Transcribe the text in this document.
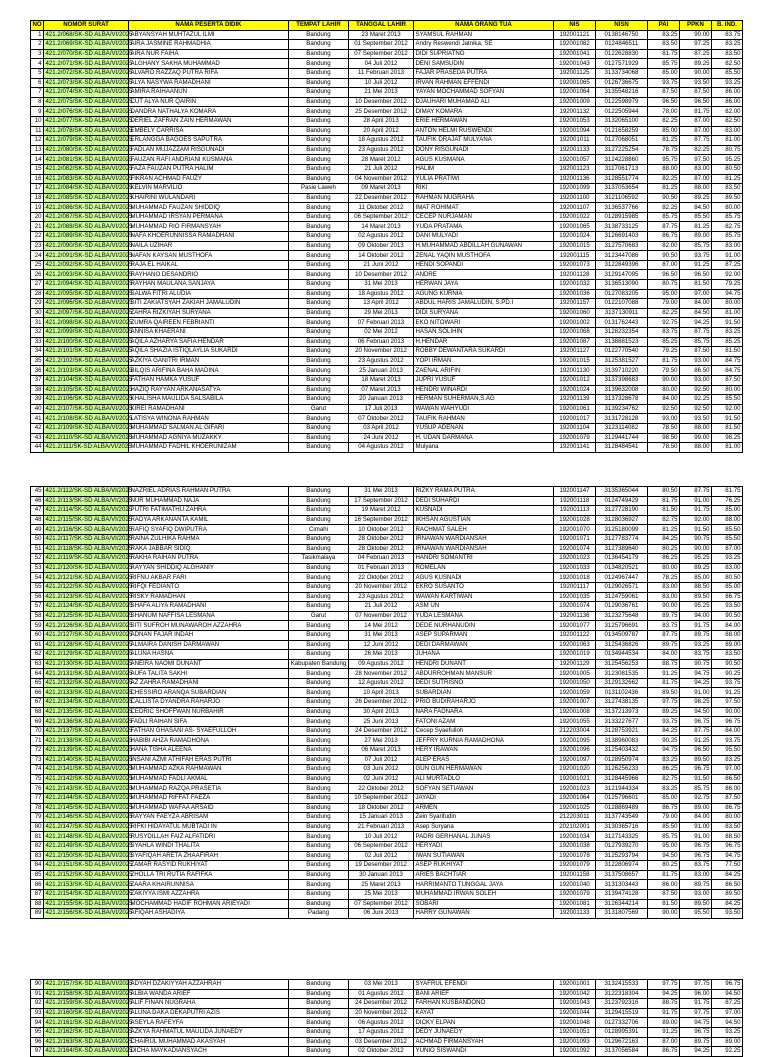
NO	NOMOR SURAT	NAMA PESERTA DIDIK	TEMPAT LAHIR	TANGGAL LAHIR	NAMA ORANG TUA	NIS	NISN	PAI	PPKN	B. IND.
1	421.2/068/SK-SD ALBA/VI/2025	ABYANSYAH MUHTAZUL ILMI	Bandung	23 Maret 2013	SYAMSUL RAHMAN	192001121	0138146750	83.25	90.00	83.75
2	421.2/069/SK-SD ALBA/VI/2025	AIRA JASMINE RAHMADHIA	Bandung	01 September 2012	Andry Reswendi Jatnika, SE	192001082	0124846511	83.50	97.25	83.25
3	421.2/070/SK-SD ALBA/VI/2025	AIRA NUR FAIHA	Bandung	07 September 2012	DIDI SUPRIATNO	192001041	0122628830	81.75	87.25	83.50
4	421.2/071/SK-SD ALBA/VI/2025	ALGHANY SAKHA MUHAMMAD	Bandung	04 Juli 2012	DENI SAMSUDIN	192001043	0127571929	85.75	89.25	82.50
5	421.2/072/SK-SD ALBA/VI/2025	ALVARO RAZZAQ PUTRA RIFA	Bandung	11 Februari 2013	FAJAR PRASEDA PUTRA	192001125	3133734068	85.00	90.00	85.50
6	421.2/073/SK-SD ALBA/VI/2025	ALYA NASYWA RAMADHANI	Bandung	10 Juli 2012	IRVAN RAHMAN EFFENDI	192001065	0126736675	93.75	93.50	93.25
7	421.2/074/SK-SD ALBA/VI/2025	AMIRA RAIHAANUN	Bandung	21 Mei 2013	YAYAN MOCHAMMAD SOFYAN	192001064	3135548216	87.50	87.50	86.00
8	421.2/075/SK-SD ALBA/VI/2025	CUT ALYA NUR QAIRIN	Bandung	10 Desember 2012	DJAUHARI MUHAMAD ALI	192001009	0122598979	96.50	96.50	86.00
9	421.2/076/SK-SD ALBA/VI/2025	DANDRA NATHALYA KOMARA	Bandung	25 Desember 2012	DIMAY KOMARA	192001132	0122505944	78.00	81.75	82.00
10	421.2/077/SK-SD ALBA/VI/2025	DERIEL ZAFRAN ZAIN HERMAWAN	Bandung	28 April 2013	ERIE HERMAWAN	192001053	3132065100	82.25	87.00	82.50
11	421.2/078/SK-SD ALBA/VI/2025	EMBELY CARRISA	Bandung	20 April 2012	ANTON HELMI RUSWENDI	192001094	0121658259	85.00	87.00	83.00
12	421.2/079/SK-SD ALBA/VI/2025	ERLANGGA BAGOES SAPUTRA	Bandung	18 Agustus 2012	TAUFIK DRAJAT MULYANA	192001011	0127068051	81.25	87.75	81.00
13	421.2/080/SK-SD ALBA/VI/2025	FADLAN MUJAZZAM RISGUNADI	Bandung	23 Agustus 2012	DONY RISGUNADI	192001133	3127225254	78.75	82.25	80.75
14	421.2/081/SK-SD ALBA/VI/2025	FAUZAN RAFI ANDRIANI KUSMANA	Bandung	28 Maret 2012	AGUS KUSMANA	192001057	3124228860	95.75	97.50	95.25
15	421.2/082/SK-SD ALBA/VI/2025	FAZA FAUZAN PUTRA HALIM	Bandung	21 Juli 2012	HALIM	192001123	3117061713	88.00	83.00	80.50
16	421.2/083/SK-SD ALBA/VI/2025	FIKRAN ACHMAD FAUZY	Bandung	04 November 2012	YULIA PRATIWI	192001136	3128551774	82.25	87.00	81.25
17	421.2/084/SK-SD ALBA/VI/2025	KELVIN MARVILIO	Pasie Laweh	09 Maret 2013	RIKI	192001099	3137053654	81.25	88.00	83.50
18	421.2/085/SK-SD ALBA/VI/2025	KHAIRINI WULANDARI	Bandung	22 Desember 2012	RAHMAN NUGRAHA	192001100	3121106592	90.50	89.25	89.50
19	421.2/086/SK-SD ALBA/VI/2025	MUHAMMAD FAUZAN SHIDDIQ	Bandung	11 Oktober 2012	IMAT ROHIMAT	192001107	3136537766	82.25	84.50	80.00
20	421.2/087/SK-SD ALBA/VI/2025	MUHAMMAD IRSYAN PERMANA	Bandung	06 September 2012	CECEP NURJAMAN	192001022	0128915985	85.75	85.50	85.75
21	421.2/088/SK-SD ALBA/VI/2025	MUHAMMAD RIO FIRMANSYAH	Bandung	14 Maret 2013	YUDA PRATAMA	192001065	3138733125	87.75	81.25	82.75
22	421.2/089/SK-SD ALBA/VI/2025	NAFA KHOERUNNISSA RAMADHANI	Bandung	02 Agustus 2012	DANI MULYADI	192001024	3126691403	86.75	89.00	85.75
23	421.2/090/SK-SD ALBA/VI/2025	NAILA UZIHAR	Bandung	09 Oktober 2013	H.MUHAMMAD ABDILLAH GUNAWAN	192001015	3127570683	82.00	85.75	83.00
24	421.2/091/SK-SD ALBA/VI/2025	NAFAN KAYSAN MUSTHOFA	Bandung	14 Oktober 2012	ZENAL YAQIN MUSTHOFA	192001115	3123447086	90.50	93.75	91.00
25	421.2/092/SK-SD ALBA/VI/2025	RAJA EL HAIKAL	Bandung	21 Juni 2012	HENDI SOPANDI	192001073	3122849396	87.00	91.25	87.25
26	421.2/093/SK-SD ALBA/VI/2025	RAYHANO DESANDRIO	Bandung	10 Desember 2012	ANDRE	192001128	3129147095	96.50	96.50	92.00
27	421.2/094/SK-SD ALBA/VI/2025	RAYHAN MAULANA SANJAYA	Bandung	31 Mei 2013	HERWAN JAYA	192001032	3136513090	80.75	81.50	79.25
28	421.2/095/SK-SD ALBA/VI/2025	SALWA FITRI ALUDIA	Bandung	18 Agustus 2012	AGUNG KURNIA	192001036	0127083205	95.00	97.00	94.75
29	421.2/096/SK-SD ALBA/VI/2025	SITI ZAKIATSYAH ZAKIAH JAMALUDIN	Bandung	13 April 2012	ABDUL HARIS JAMALUDIN, S.PD.I	192001157	0122107088	79.00	84.00	80.00
30	421.2/097/SK-SD ALBA/VI/2025	ZAHRA RIZKIYAH SURYANA	Bandung	29 Mei 2013	DIDI SURYANA	192001060	3137130911	82.25	84.50	81.00
31	421.2/098/SK-SD ALBA/VI/2025	ZUMRA QAIREEN FEBRIANTI	Bandung	07 Februari 2013	EKO NITOWARI	192001002	0131762443	92.75	94.25	91.50
32	421.2/099/SK-SD ALBA/VI/2025	ANNISA KHAERANI	Bandung	02 Mei 2012	HASAN SOLIHIN	192001068	3128232354	83.75	87.75	83.25
33	421.2/100/SK-SD ALBA/VI/2025	AQILA AZHARYA SAFIA HENDAR	Bandung	06 Februari 2013	H.HENDAR	192001087	3138881523	85.25	85.75	85.25
34	421.2/101/SK-SD ALBA/VI/2025	AQILA SHAZIA ISTIQLAYLIA SUKARDI	Bandung	20 November 2012	ROBBY DEWANTARA SUKARDI	192001127	0122770540	79.25	87.50	81.50
35	421.2/102/SK-SD ALBA/VI/2025	AZKIYA GANITRI IRMAN	Bandung	23 Agustus 2012	YOPI IRMAN	192001015	3125381527	81.75	93.00	84.75
36	421.2/103/SK-SD ALBA/VI/2025	BILQIS ARIFINA BAHA MADINA	Bandung	25 Januari 2013	ZAENAL ARIFIN	192001130	3139710220	79.50	86.50	84.75
37	421.2/104/SK-SD ALBA/VI/2025	FATHAN HAMKA YUSUF	Bandung	18 Maret 2013	JUPRI YUSUF	192001012	3137398683	90.00	93.00	87.50
38	421.2/105/SK-SD ALBA/VI/2025	HAZIQ RAYYAN ARKANASATYA	Bandung	07 Maret 2013	HENDRI WINARDI	192001024	3139632008	80.00	92.50	80.00
39	421.2/106/SK-SD ALBA/VI/2025	KHALISHA MAULIDA SALSABILA	Bandung	20 Januari 2013	HERMAN SUHERMAN,S.AG	192001139	3137328678	84.00	92.25	85.50
40	421.2/107/SK-SD ALBA/VI/2025	KIREI RAMADHANI	Garut	17 Juli 2013	WAWAN WAHYUDI	192001061	3139234762	92.50	92.50	92.00
41	421.2/108/SK-SD ALBA/VI/2025	LATISYA WINONA RAHMAN	Bandung	07 Oktober 2012	TAUFIK RAHMAN	192001017	3131728128	93.00	93.50	91.50
42	421.2/109/SK-SD ALBA/VI/2025	MUHAMMAD SALMAN AL GIFARI	Bandung	03 April 2012	YUSUP ADENAN	192001104	3123114082	78.50	88.00	81.50
43	421.2/110/SK-SD ALBA/VI/2025	MUHAMMAD AGNIYA MUZAKKY	Bandung	24 Juni 2012	H. UDAN DARMANA	192001079	3129441744	98.50	99.00	98.25
44	421.2/111/SK-SD ALBA/VI/2025	MUHAMMAD FADHIL KHOERUNIZAM	Bandung	04 Agustus 2012	Mulyana	192001141	3128484541	78.50	88.00	81.00
45	421.2/112/SK-SD ALBA/VI/2025	NAZRIEL ADRIAS RAHMAN PUTRA	Bandung	31 Mei 2013	RIZKY RAMA PUTRA	192001147	3135365044	80.50	87.75	81.75
46	421.2/113/SK-SD ALBA/VI/2025	NUR MUHAMMAD NAJA	Bandung	17 September 2012	DEDI SUHARDI	192001118	0124749429	81.75	91.00	76.25
47	421.2/114/SK-SD ALBA/VI/2025	PUTRI FATIMATHU ZAHRA	Bandung	19 Maret 2012	KUSNADI	192001113	3127728190	81.50	91.75	85.00
48	421.2/115/SK-SD ALBA/VI/2025	RADYA ARKANANTA KAMIL	Bandung	16 September 2012	IKHSAN AGUSTIAN	192001028	3128036927	82.75	92.00	88.00
49	421.2/116/SK-SD ALBA/VI/2025	RAFIQ SYAFIQ DWIPUTRA	Cimahi	10 Oktober 2012	RACHMAT SALEH	192001070	3125180099	81.25	91.50	85.50
50	421.2/117/SK-SD ALBA/VI/2025	RAINA ZULHIKA RAHMA	Bandung	28 Oktober 2012	IRNAWAN WARDIANSAH	192001071	3127783774	84.25	90.75	85.50
51	421.2/118/SK-SD ALBA/VI/2025	RAKA JABBAR SIDIQ	Bandung	28 Oktober 2012	IRNAWAN WARDIANSAH	192001074	3127389640	80.25	90.00	87.00
52	421.2/119/SK-SD ALBA/VI/2025	RAKHA RAIHAN PUTRA	Tasikmalaya	04 Februari 2013	HANDRI SOMANTRI	192001023	0136454179	86.25	95.25	93.25
53	421.2/120/SK-SD ALBA/VI/2025	RAYYAN SHIDDIQ ALGHANIY	Bandung	01 Februari 2013	ROMELAN	192001033	0134820521	80.00	89.25	83.00
54	421.2/121/SK-SD ALBA/VI/2025	RIFNU AKBAR FARI	Bandung	22 Oktober 2012	AGUS KUSNADI	192001018	0124967447	78.25	85.00	80.50
55	421.2/122/SK-SD ALBA/VI/2025	RIFQI FEDIANTO	Bandung	20 November 2012	EKRO SUSANTO	192001117	0129026571	83.00	88.50	85.00
56	421.2/123/SK-SD ALBA/VI/2025	RISKY RAMADHAN	Bandung	23 Agustus 2012	WAWAN KARTIWAN	192001035	3124759061	83.00	89.50	86.75
57	421.2/124/SK-SD ALBA/VI/2025	SHAFA ALIYA RAMADHANI	Bandung	21 Juli 2012	ASM UN	192001074	0129036761	90.00	95.25	93.50
58	421.2/125/SK-SD ALBA/VI/2025	SHANUM NAFFISA LESMANA	Garut	07 November 2012	YUDA LESMANA	192001136	3123275648	89.75	94.00	90.50
59	421.2/126/SK-SD ALBA/VI/2025	SITI SUFROH MUNAWAROH AZZAHRA	Bandung	14 Mei 2012	DEDE NURHANUDIN	192001077	3125796691	83.75	91.75	84.00
60	421.2/127/SK-SD ALBA/VI/2025	ADNAN FAJAR INDAH	Bandung	31 Mei 2013	ASEP SUPARMAN	192001122	0134509787	87.75	89.75	88.00
61	421.2/128/SK-SD ALBA/VI/2025	ALMAIRA DANISH DARMAWAN	Bandung	12 Juni 2012	DEDI DARMAWAN	192001063	3125436826	89.75	93.25	89.00
62	421.2/129/SK-SD ALBA/VI/2025	ALUNA HASNA	Bandung	26 Mei 2013	JUHANA	192001019	0134944534	84.00	83.75	83.50
63	421.2/130/SK-SD ALBA/VI/2025	ANEIRA NAOMI DUNANT	Kabupaten Bandung	09 Agustus 2012	HENDRI DUNANT	192001129	3125456253	88.75	90.75	90.50
64	421.2/131/SK-SD ALBA/VI/2025	AUFA TALITA SAKHI	Bandung	28 November 2012	ABDURROHMAN MANSUR	192001005	3123081535	91.25	94.75	90.25
65	421.2/132/SK-SD ALBA/VI/2025	AZ ZAHRA RAMADHANI	Bandung	12 Agustus 2012	DEDI SUTRISNO	192001050	3129132662	81.75	94.25	93.75
66	421.2/133/SK-SD ALBA/VI/2025	CHESSIRO ARANQA SUBARDIAN	Bandung	10 April 2013	SUBARDIAN	192001059	0131102436	89.50	91.00	91.25
67	421.2/134/SK-SD ALBA/VI/2025	CALLISTA DYANDRA RAHARJO	Bandung	26 Desember 2012	PRIO BUDIRAHARJO	192001007	3127438135	97.75	98.25	97.50
68	421.2/135/SK-SD ALBA/VI/2025	CEDRIC SHOFFWAN NURBAHIR	Bandung	30 April 2013	NARA FADNARA	192001008	3137213973	89.25	94.50	90.00
69	421.2/136/SK-SD ALBA/VI/2025	FADLI RAIHAN SIFA	Bandung	25 Juni 2013	FATONI AZAM	192001055	3133227677	93.75	96.75	96.75
70	421.2/137/SK-SD ALBA/VI/2025	FATHAN GHASANI AS- SYAEFULLOH	Bandung	24 Desember 2012	Cecep Syaefulloh	212203004	3128753921	84.25	87.75	84.00
71	421.2/138/SK-SD ALBA/VI/2025	HABIBI AHZA RAMADHONA	Bandung	27 Mei 2013	JEFFRY KURNIA RAMADHONA	192001095	3138960083	90.25	91.25	93.75
72	421.2/139/SK-SD ALBA/VI/2025	HANA TISHA ALEENA	Bandung	06 Maret 2013	HERY IRAWAN	192001096	3125403432	94.75	96.50	95.50
73	421.2/140/SK-SD ALBA/VI/2025	INSANI AZMI ATHIFAH ERAS PUTRI	Bandung	07 Juli 2012	ALEP ERAS	192001097	0128950974	83.25	89.50	83.25
74	421.2/141/SK-SD ALBA/VI/2025	MUHAMMAD AZKA RAHMAWAN	Bandung	03 Juni 2012	GUN GUN HERMAWAN	192001020	3126256233	86.25	96.75	97.00
75	421.2/142/SK-SD ALBA/VI/2025	MUHAMMAD FADLI AKMAL	Bandung	02 Juni 2012	ALI MURTADLO	192001021	3128445966	82.75	91.50	86.50
76	421.2/143/SK-SD ALBA/VI/2025	MUHAMMAD RAZQA PRASETIA	Bandung	22 Oktober 2012	SOFYAN SETIAWAN	192001023	3121944334	83.25	85.75	86.00
77	421.2/144/SK-SD ALBA/VI/2025	MUHAMMAD RIFFAT FAEZA	Bandung	10 September 2012	JAYADI	192001064	0125796601	85.00	92.75	87.50
78	421.2/145/SK-SD ALBA/VI/2025	MUHAMMAD WAFAA ARSAID	Bandung	18 Oktober 2012	ARMEN	192001025	0128869489	86.75	89.00	86.75
79	421.2/146/SK-SD ALBA/VI/2025	RAYYAN FAEYZA ABRISAM	Bandung	15 Januari 2013	Zein Syarifudin	212203011	3137743549	79.00	84.00	80.00
80	421.2/147/SK-SD ALBA/VI/2025	RIFKI HIDAYATUL MUBTADI IN	Bandung	21 Februari 2013	Asep Suryana	202102001	3130365716	85.50	91.00	83.50
81	421.2/148/SK-SD ALBA/VI/2025	RUSYDILLAH FAIZ ALFATIDRI	Bandung	10 Juli 2012	PADRI GERHANAL JUNAS	192001034	3127143325	85.75	91.00	88.50
82	421.2/149/SK-SD ALBA/VI/2025	SYAHLA WINDI THALITA	Bandung	06 September 2012	HERYADI	192001038	0127939270	95.00	96.75	96.75
83	421.2/150/SK-SD ALBA/VI/2025	SYAFIQAH ARETA ZHAAFIRAH	Bandung	02 Juli 2012	IWAN SUTIAWAN	192001078	3125293794	94.50	96.75	94.75
84	421.2/151/SK-SD ALBA/VI/2025	ZAMAR RASYID RUKHIYAT	Bandung	19 Desember 2012	ASEP RUKHIYAT	192001079	3122806974	80.25	83.75	77.50
85	421.2/152/SK-SD ALBA/VI/2025	ZHOLLA TRI RUTIA RAFIFKA	Bandung	30 Januari 2013	ARIES BACHTIAR	192001158	3137508657	81.75	83.00	84.25
86	421.2/153/SK-SD ALBA/VI/2025	ZAARA KHAIRUNNISA	Bandung	25 Maret 2013	HARRIMANTO TUNGGAL JAYA	192001040	3131303443	86.00	89.75	86.50
87	421.2/154/SK-SD ALBA/VI/2025	ZAKIYYA ISMI AZZAHRA	Bandung	25 Mei 2013	MUHAMMAD IRWAN SOLEH	192001079	3139474128	87.50	93.00	89.50
88	421.2/155/SK-SD ALBA/VI/2025	MOCHAMMAD HADIF ROHMAN ARIEYADI	Bandung	07 September 2012	SOBARI	192001081	3126344214	81.50	89.50	84.25
89	421.2/156/SK-SD ALBA/VI/2025	AFIQAH ASHADIYA	Padang	06 Juni 2013	HARRY GUNAWAN	192001133	3131807569	90.00	95.50	93.50
90	421.2/157/SK-SD ALBA/VI/2025	ADYAH DZAKIYYAH AZZAHRAH	Bandung	03 Mei 2013	SYAFRUL EFENDI	192001001	3132415533	97.75	97.75	96.75
91	421.2/158/SK-SD ALBA/VI/2025	ALBIA WANDA ARIEF	Bandung	01 Agustus 2012	BANI ARIEF	192001042	3122318304	94.25	96.00	94.50
92	421.2/159/SK-SD ALBA/VI/2025	ALIF FINAN NUGRAHA	Bandung	24 Desember 2012	FARHAN KUSBANDONO	192001043	3123792316	88.75	91.75	87.25
93	421.2/160/SK-SD ALBA/VI/2025	ALUNA DAKA DEKAPUTRI AZIS	Bandung	20 November 2012	KAYAT	192001044	3129415519	91.75	97.75	97.00
94	421.2/161/SK-SD ALBA/VI/2025	ASEYLA RAFEYFA	Bandung	06 Agustus 2012	DICKY ELPAN	192001048	0127332706	89.00	94.75	94.50
95	421.2/162/SK-SD ALBA/VI/2025	AZKYA RAHMATUL MAULIDA JUNAEDY	Bandung	17 Agustus 2012	DEDY JUNAEDY	192001051	0128995391	91.25	96.75	93.25
96	421.2/163/SK-SD ALBA/VI/2025	CHAIRUL MUHAMMAD AKASYAH	Bandung	03 Desember 2012	ACHMAD FIRMANSYAH	192001093	0129672163	87.00	89.75	89.00
97	421.2/164/SK-SD ALBA/VI/2025	DICHA MAYKADIANSYACH	Bandung	02 Oktober 2012	YUNIO SISWANDI	192001092	3137056584	86.75	94.25	92.25
